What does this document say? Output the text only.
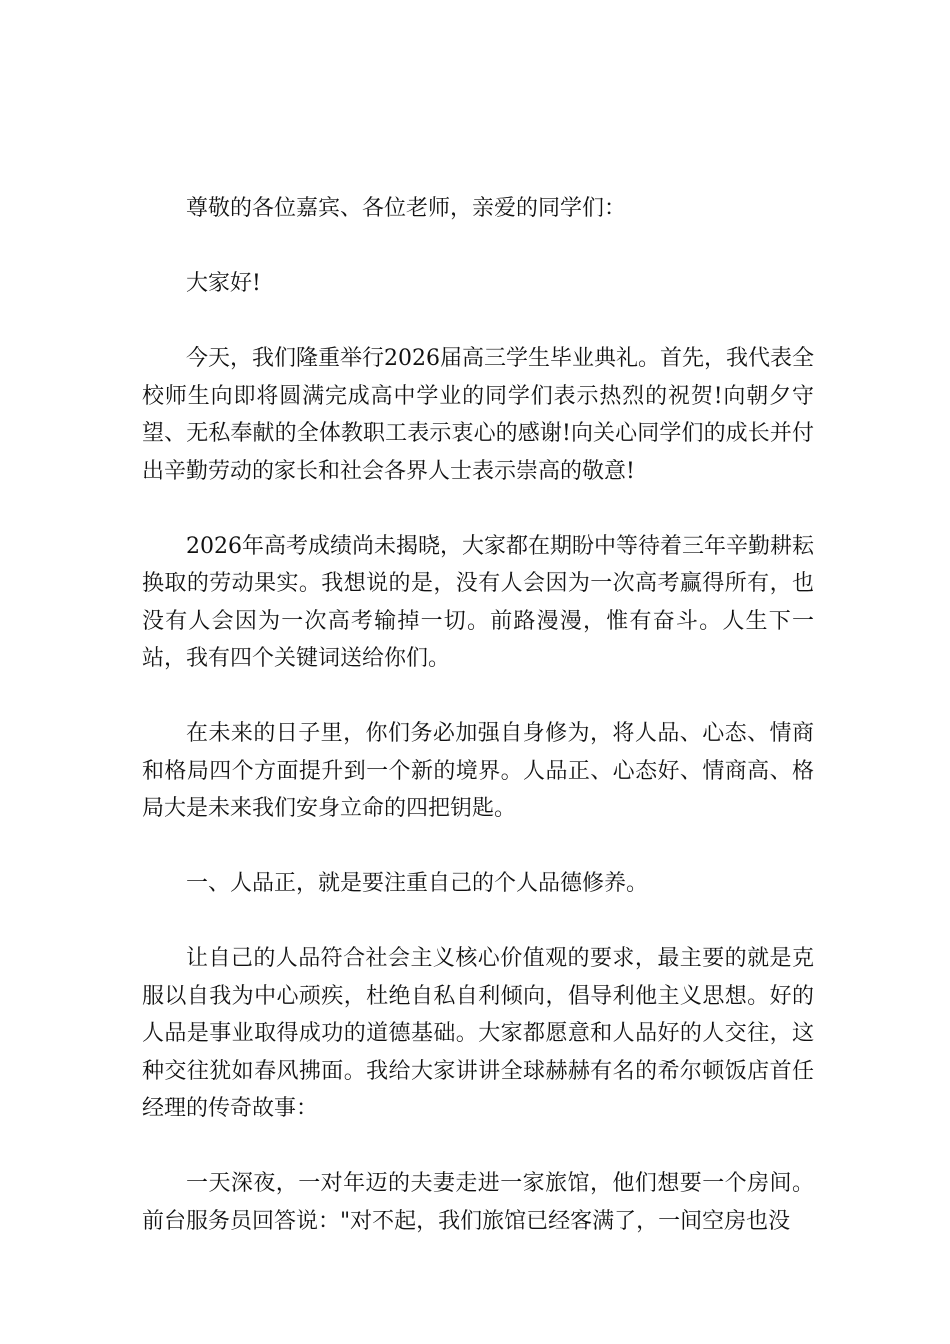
尊敬的各位嘉宾、各位老师，亲爱的同学们：

大家好!

今天，我们隆重举行2026届高三学生毕业典礼。首先，我代表全校师生向即将圆满完成高中学业的同学们表示热烈的祝贺!向朝夕守望、无私奉献的全体教职工表示衷心的感谢!向关心同学们的成长并付出辛勤劳动的家长和社会各界人士表示崇高的敬意!

2026年高考成绩尚未揭晓，大家都在期盼中等待着三年辛勤耕耘换取的劳动果实。我想说的是，没有人会因为一次高考赢得所有，也没有人会因为一次高考输掉一切。前路漫漫，惟有奋斗。人生下一站，我有四个关键词送给你们。

在未来的日子里，你们务必加强自身修为，将人品、心态、情商和格局四个方面提升到一个新的境界。人品正、心态好、情商高、格局大是未来我们安身立命的四把钥匙。

一、人品正，就是要注重自己的个人品德修养。

让自己的人品符合社会主义核心价值观的要求，最主要的就是克服以自我为中心顽疾，杜绝自私自利倾向，倡导利他主义思想。好的人品是事业取得成功的道德基础。大家都愿意和人品好的人交往，这种交往犹如春风拂面。我给大家讲讲全球赫赫有名的希尔顿饭店首任经理的传奇故事：

一天深夜，一对年迈的夫妻走进一家旅馆，他们想要一个房间。前台服务员回答说："对不起，我们旅馆已经客满了，一间空房也没
